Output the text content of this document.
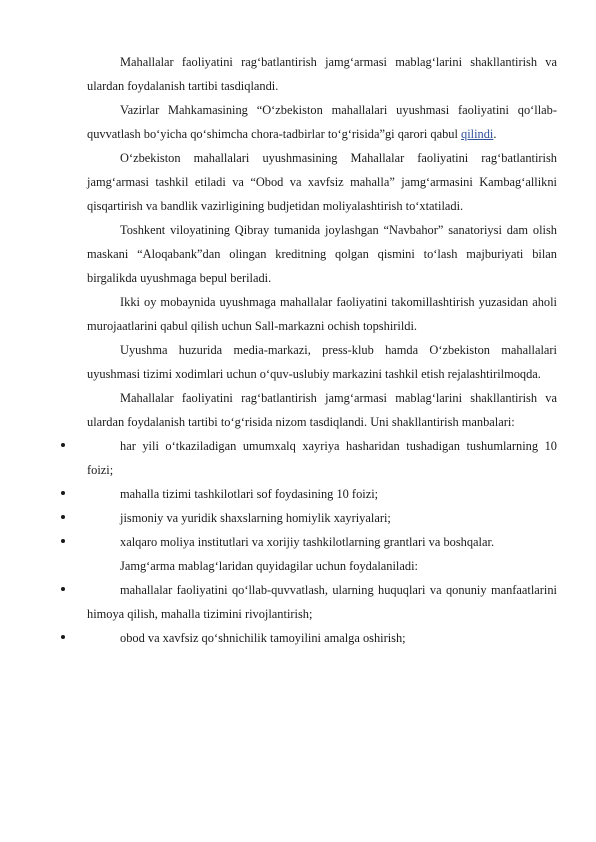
Mahallalar faoliyatini rag‘batlantirish jamg‘armasi mablag‘larini shakllantirish va ulardan foydalanish tartibi tasdiqlandi.

Vazirlar Mahkamasining “O‘zbekiston mahallalari uyushmasi faoliyatini qo‘llab-quvvatlash bo‘yicha qo‘shimcha chora-tadbirlar to‘g‘risida”gi qarori qabul qilindi.

O‘zbekiston mahallalari uyushmasining Mahallalar faoliyatini rag‘batlantirish jamg‘armasi tashkil etiladi va “Obod va xavfsiz mahalla” jamg‘armasini Kambag‘allikni qisqartirish va bandlik vazirligining budjetidan moliyalashtirish to‘xtatiladi.

Toshkent viloyatining Qibray tumanida joylashgan “Navbahor” sanatoriysi dam olish maskani “Aloqabank”dan olingan kreditning qolgan qismini to‘lash majburiyati bilan birgalikda uyushmaga bepul beriladi.

Ikki oy mobaynida uyushmaga mahallalar faoliyatini takomillashtirish yuzasidan aholi murojaatlarini qabul qilish uchun Sall-markazni ochish topshirildi.

Uyushma huzurida media-markazi, press-klub hamda O‘zbekiston mahallalari uyushmasi tizimi xodimlari uchun o‘quv-uslubiy markazini tashkil etish rejalashtirilmoqda.

Mahallalar faoliyatini rag‘batlantirish jamg‘armasi mablag‘larini shakllantirish va ulardan foydalanish tartibi to‘g‘risida nizom tasdiqlandi. Uni shakllantirish manbalari:

har yili o‘tkaziladigan umumxalq xayriya hasharidan tushadigan tushumlarning 10 foizi;

mahalla tizimi tashkilotlari sof foydasining 10 foizi;

jismoniy va yuridik shaxslarning homiylik xayriyalari;

xalqaro moliya institutlari va xorijiy tashkilotlarning grantlari va boshqalar.

Jamg‘arma mablag‘laridan quyidagilar uchun foydalaniladi:

mahallalar faoliyatini qo‘llab-quvvatlash, ularning huquqlari va qonuniy manfaatlarini himoya qilish, mahalla tizimini rivojlantirish;

obod va xavfsiz qo‘shnichilik tamoyilini amalga oshirish;
